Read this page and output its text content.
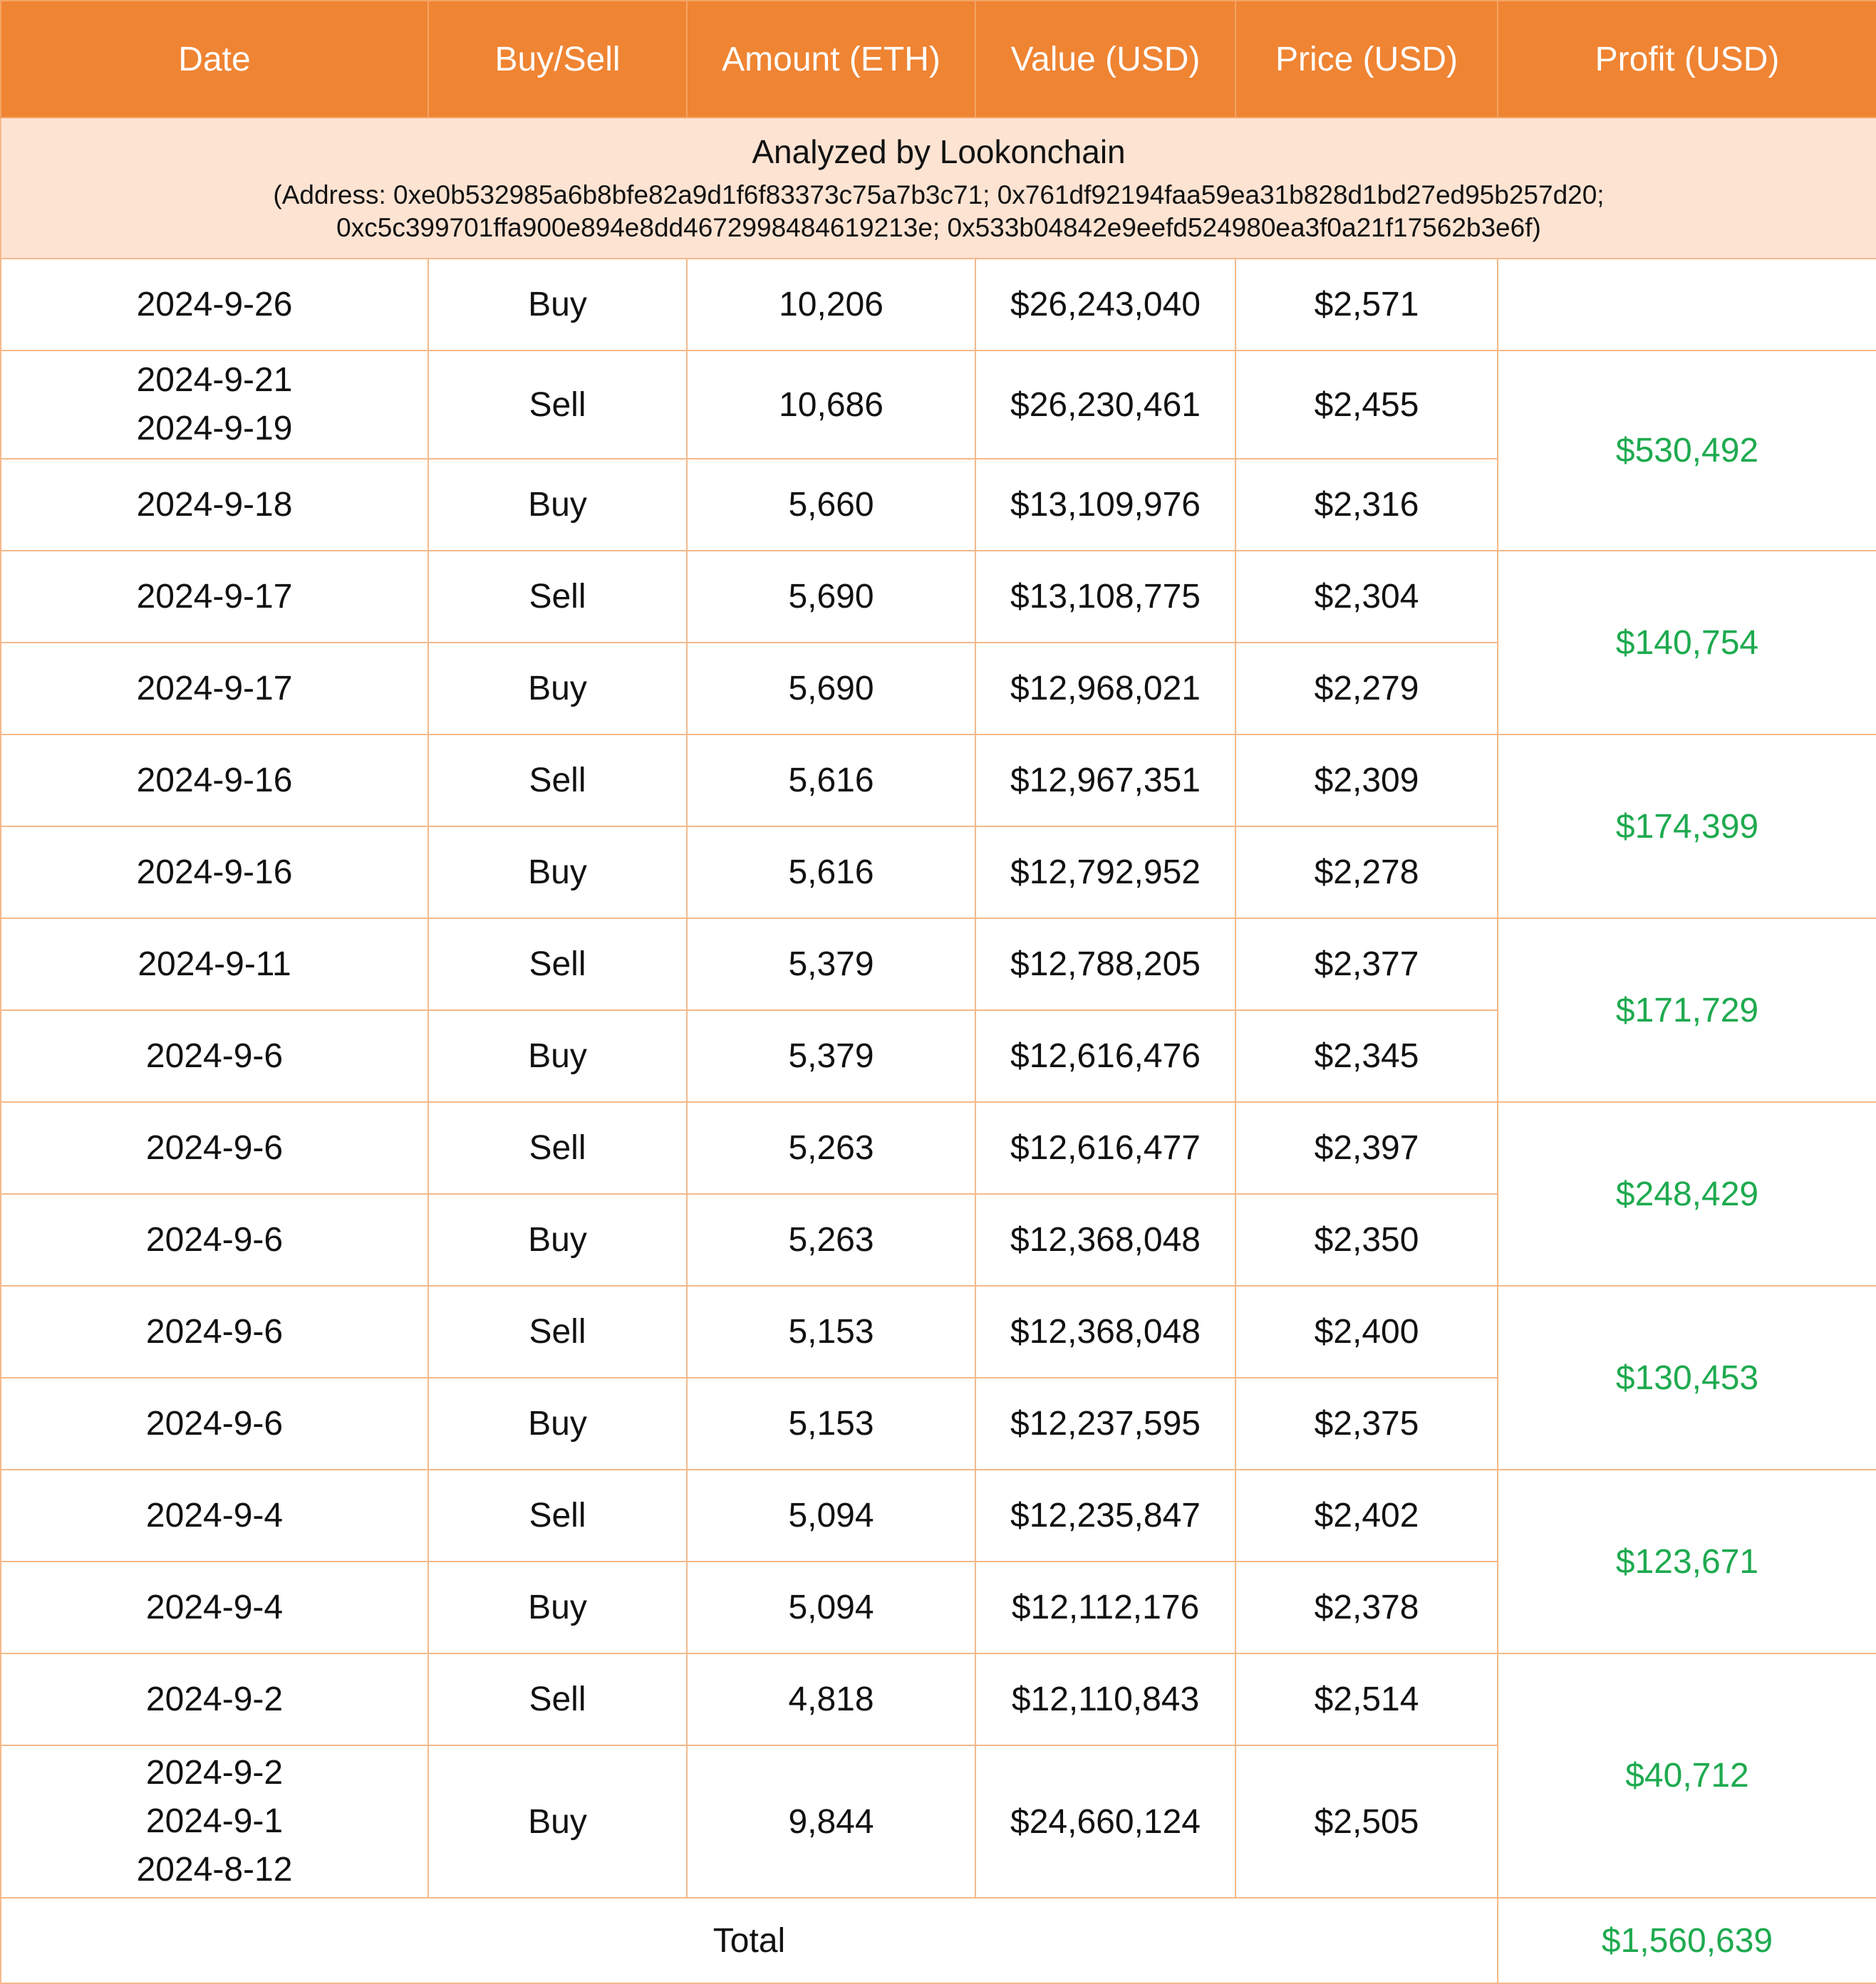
Date	Buy/Sell	Amount (ETH)	Value (USD)	Price (USD)	Profit (USD)

Analyzed by Lookonchain
(Address: 0xe0b532985a6b8bfe82a9d1f6f83373c75a7b3c71; 0x761df92194faa59ea31b828d1bd27ed95b257d20;
0xc5c399701ffa900e894e8dd4672998484619213e; 0x533b04842e9eefd524980ea3f0a21f17562b3e6f)					

2024-9-26	Buy	10,206	$26,243,040	$2,571	

2024-9-21
2024-9-19	Sell	10,686	$26,230,461	$2,455	$530,492

2024-9-18	Buy	5,660	$13,109,976	$2,316	

2024-9-17	Sell	5,690	$13,108,775	$2,304	$140,754

2024-9-17	Buy	5,690	$12,968,021	$2,279	

2024-9-16	Sell	5,616	$12,967,351	$2,309	$174,399

2024-9-16	Buy	5,616	$12,792,952	$2,278	

2024-9-11	Sell	5,379	$12,788,205	$2,377	$171,729

2024-9-6	Buy	5,379	$12,616,476	$2,345	

2024-9-6	Sell	5,263	$12,616,477	$2,397	$248,429

2024-9-6	Buy	5,263	$12,368,048	$2,350	

2024-9-6	Sell	5,153	$12,368,048	$2,400	$130,453

2024-9-6	Buy	5,153	$12,237,595	$2,375	

2024-9-4	Sell	5,094	$12,235,847	$2,402	$123,671

2024-9-4	Buy	5,094	$12,112,176	$2,378	

2024-9-2	Sell	4,818	$12,110,843	$2,514	$40,712

2024-9-2
2024-9-1
2024-8-12	Buy	9,844	$24,660,124	$2,505	
Total					$1,560,639
